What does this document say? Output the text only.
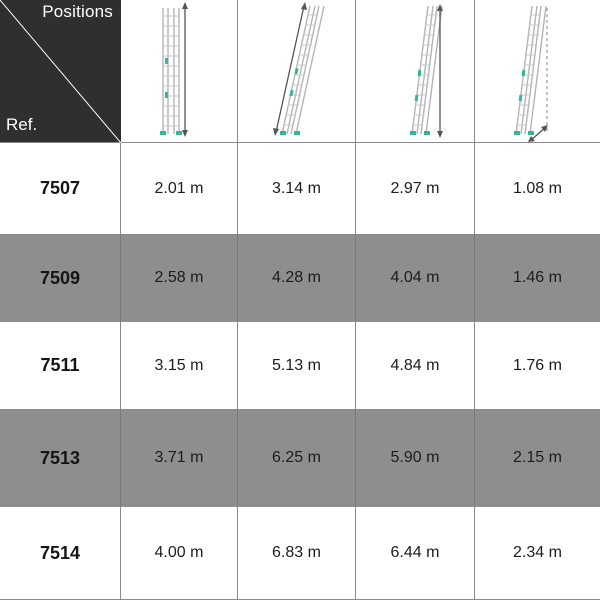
Positions
Ref.
7507	2.01 m	3.14 m	2.97 m	1.08 m
7509	2.58 m	4.28 m	4.04 m	1.46 m
7511	3.15 m	5.13 m	4.84 m	1.76 m
7513	3.71 m	6.25 m	5.90 m	2.15 m
7514	4.00 m	6.83 m	6.44 m	2.34 m
